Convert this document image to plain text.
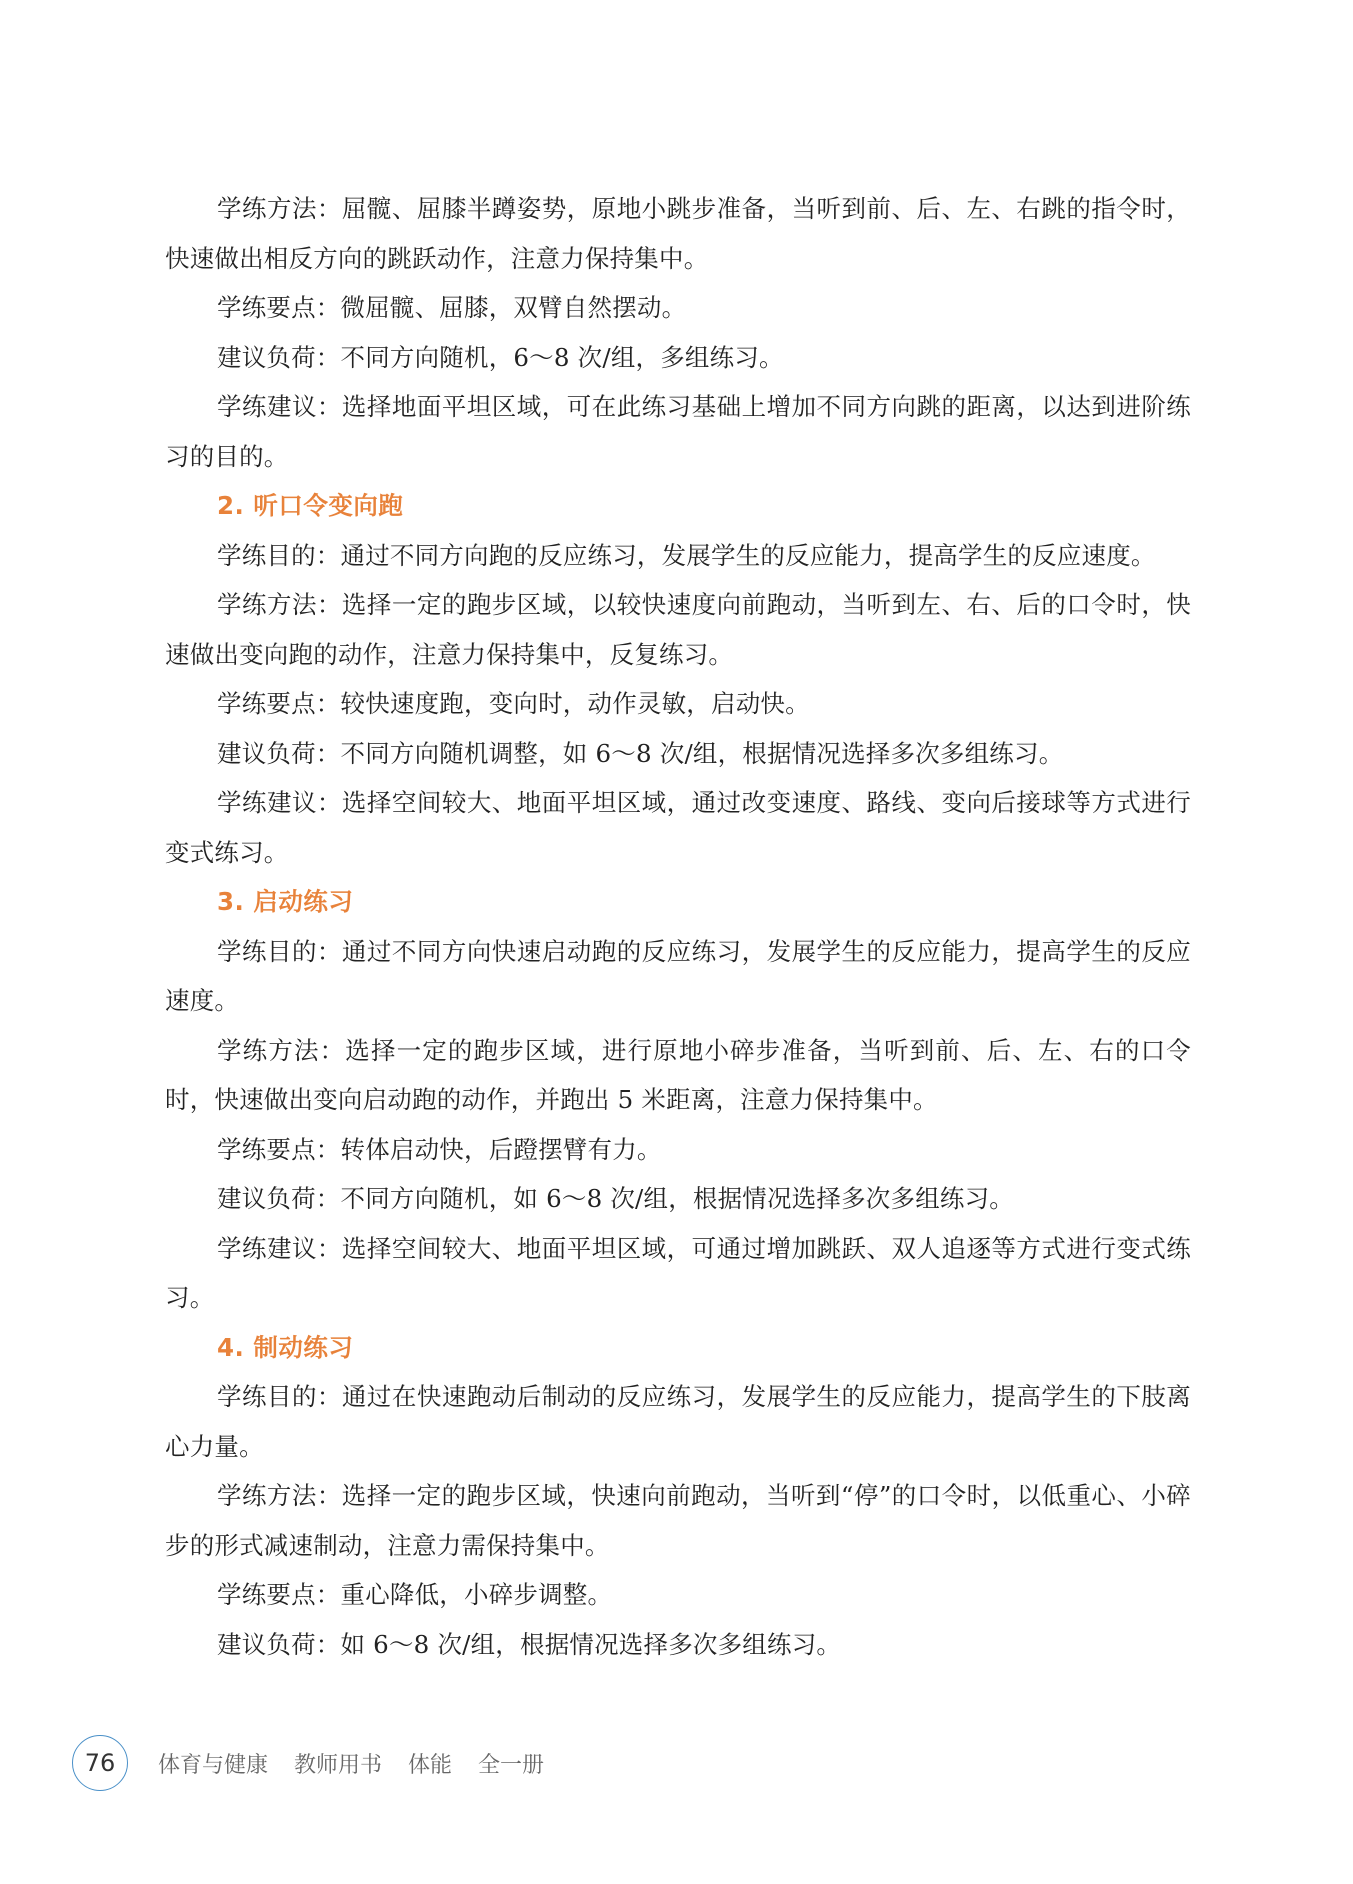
学练方法：屈髋、屈膝半蹲姿势，原地小跳步准备，当听到前、后、左、右跳的指令时，快速做出相反方向的跳跃动作，注意力保持集中。

学练要点：微屈髋、屈膝，双臂自然摆动。

建议负荷：不同方向随机，6～8 次/组，多组练习。

学练建议：选择地面平坦区域，可在此练习基础上增加不同方向跳的距离，以达到进阶练习的目的。

2. 听口令变向跑

学练目的：通过不同方向跑的反应练习，发展学生的反应能力，提高学生的反应速度。

学练方法：选择一定的跑步区域，以较快速度向前跑动，当听到左、右、后的口令时，快速做出变向跑的动作，注意力保持集中，反复练习。

学练要点：较快速度跑，变向时，动作灵敏，启动快。

建议负荷：不同方向随机调整，如 6～8 次/组，根据情况选择多次多组练习。

学练建议：选择空间较大、地面平坦区域，通过改变速度、路线、变向后接球等方式进行变式练习。

3. 启动练习

学练目的：通过不同方向快速启动跑的反应练习，发展学生的反应能力，提高学生的反应速度。

学练方法：选择一定的跑步区域，进行原地小碎步准备，当听到前、后、左、右的口令时，快速做出变向启动跑的动作，并跑出 5 米距离，注意力保持集中。

学练要点：转体启动快，后蹬摆臂有力。

建议负荷：不同方向随机，如 6～8 次/组，根据情况选择多次多组练习。

学练建议：选择空间较大、地面平坦区域，可通过增加跳跃、双人追逐等方式进行变式练习。

4. 制动练习

学练目的：通过在快速跑动后制动的反应练习，发展学生的反应能力，提高学生的下肢离心力量。

学练方法：选择一定的跑步区域，快速向前跑动，当听到“停”的口令时，以低重心、小碎步的形式减速制动，注意力需保持集中。

学练要点：重心降低，小碎步调整。

建议负荷：如 6～8 次/组，根据情况选择多次多组练习。

76	体育与健康 教师用书 体能 全一册
